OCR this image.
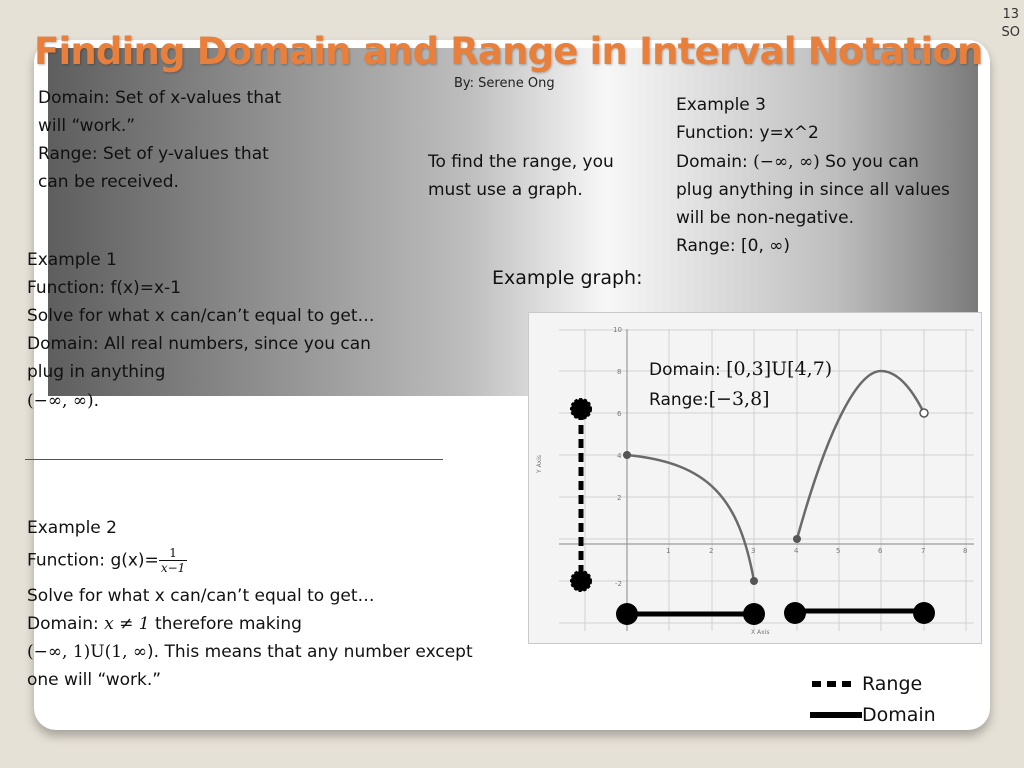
13
SO
Finding Domain and Range in Interval Notation
By: Serene Ong
Domain: Set of x-values that
will “work.”
Range: Set of y-values that
can be received.
To find the range, you
must use a graph.
Example 3
Function: y=x^2
Domain: (−∞, ∞) So you can
plug anything in since all values
will be non-negative.
Range: [0, ∞)
Example graph:
Example 1
Function: f(x)=x-1
Solve for what x can/can’t equal to get…
Domain: All real numbers, since you can
plug in anything
(−∞, ∞).
Example 2
Function: $g(x)= \frac{1}{x-1}$
Solve for what x can/can’t equal to get…
Domain: x ≠ 1 therefore making
(−∞, 1)U(1, ∞). This means that any number except
one will “work.”
10
8
6
4
2
-2
1	2	3	4	5	6	7	8
X Axis
Y Axis
Domain: [0,3]U[4,7)
Range:[−3,8]
Range
Domain
